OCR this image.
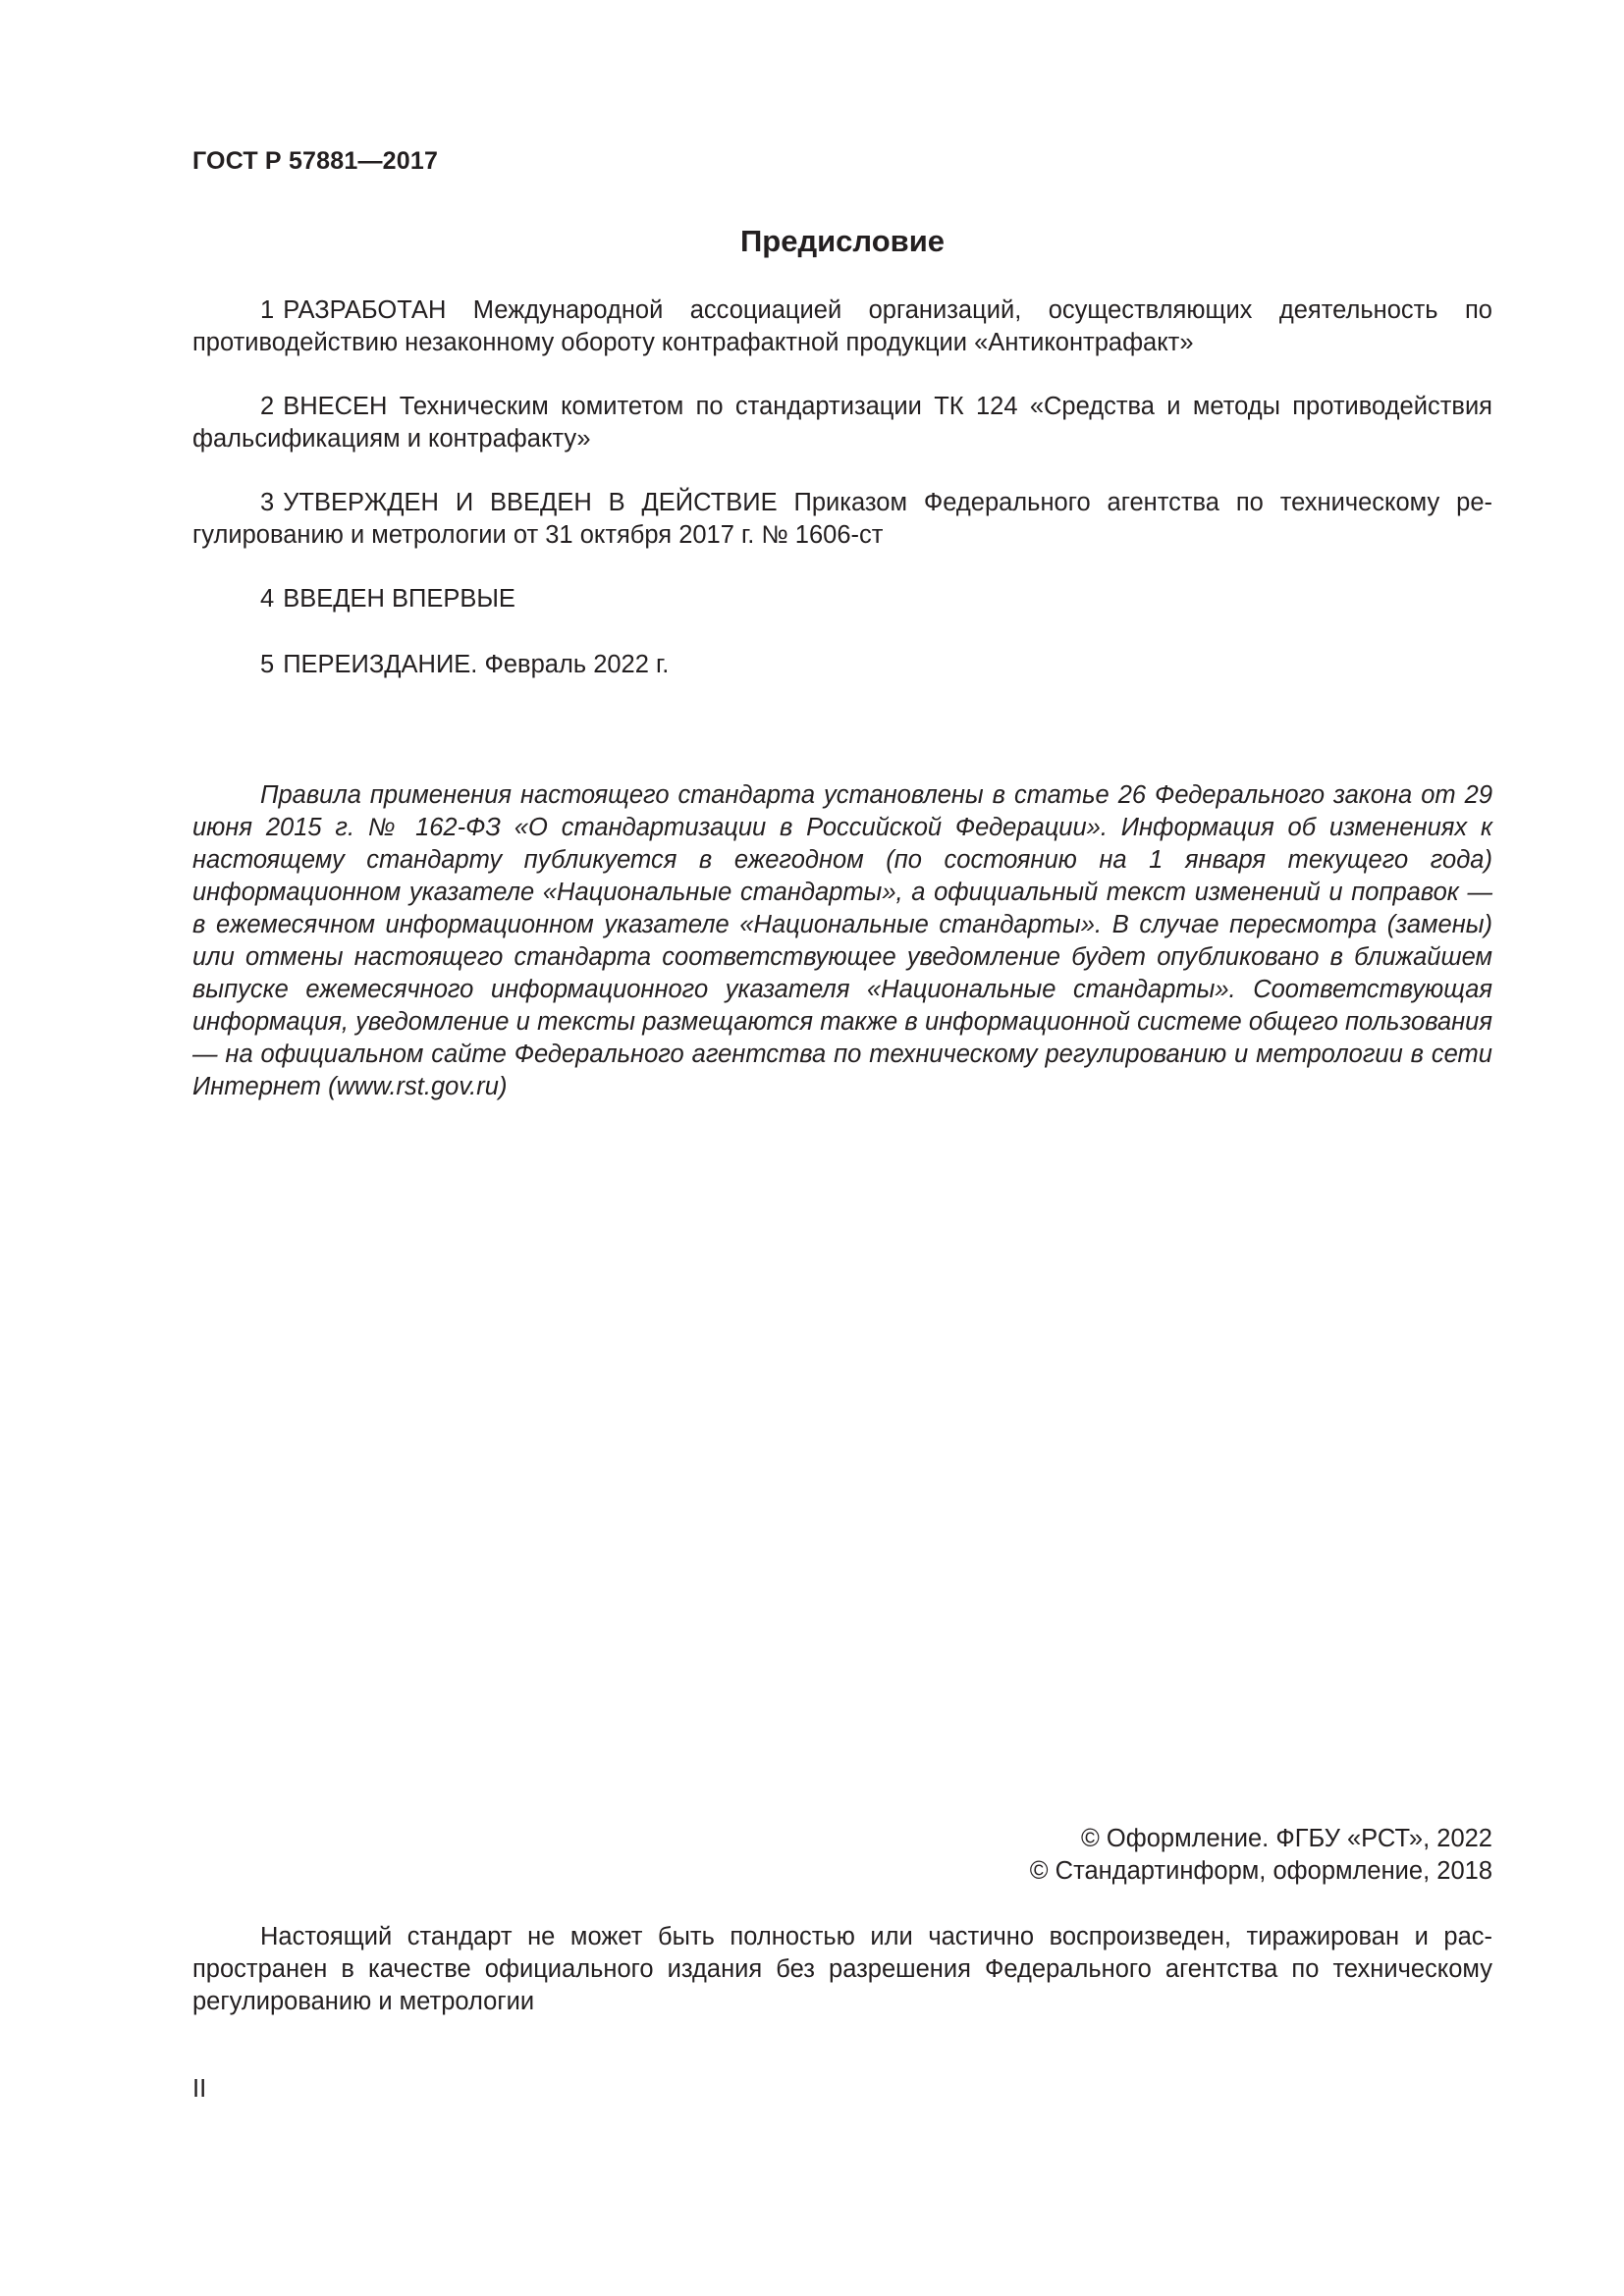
ГОСТ Р 57881—2017
Предисловие
1 РАЗРАБОТАН Международной ассоциацией организаций, осуществляющих деятельность по противодействию незаконному обороту контрафактной продукции «Антиконтрафакт»
2 ВНЕСЕН Техническим комитетом по стандартизации ТК 124 «Средства и методы противодействия фальсификациям и контрафакту»
3 УТВЕРЖДЕН И ВВЕДЕН В ДЕЙСТВИЕ Приказом Федерального агентства по техническому регулированию и метрологии от 31 октября 2017 г. № 1606-ст
4 ВВЕДЕН ВПЕРВЫЕ
5 ПЕРЕИЗДАНИЕ. Февраль 2022 г.
Правила применения настоящего стандарта установлены в статье 26 Федерального закона от 29 июня 2015 г. № 162-ФЗ «О стандартизации в Российской Федерации». Информация об изменениях к настоящему стандарту публикуется в ежегодном (по состоянию на 1 января текущего года) информационном указателе «Национальные стандарты», а официальный текст изменений и поправок — в ежемесячном информационном указателе «Национальные стандарты». В случае пересмотра (замены) или отмены настоящего стандарта соответствующее уведомление будет опубликовано в ближайшем выпуске ежемесячного информационного указателя «Национальные стандарты». Соответствующая информация, уведомление и тексты размещаются также в информационной системе общего пользования — на официальном сайте Федерального агентства по техническому регулированию и метрологии в сети Интернет (www.rst.gov.ru)
© Оформление. ФГБУ «РСТ», 2022
© Стандартинформ, оформление, 2018
Настоящий стандарт не может быть полностью или частично воспроизведен, тиражирован и распространен в качестве официального издания без разрешения Федерального агентства по техническому регулированию и метрологии
II
